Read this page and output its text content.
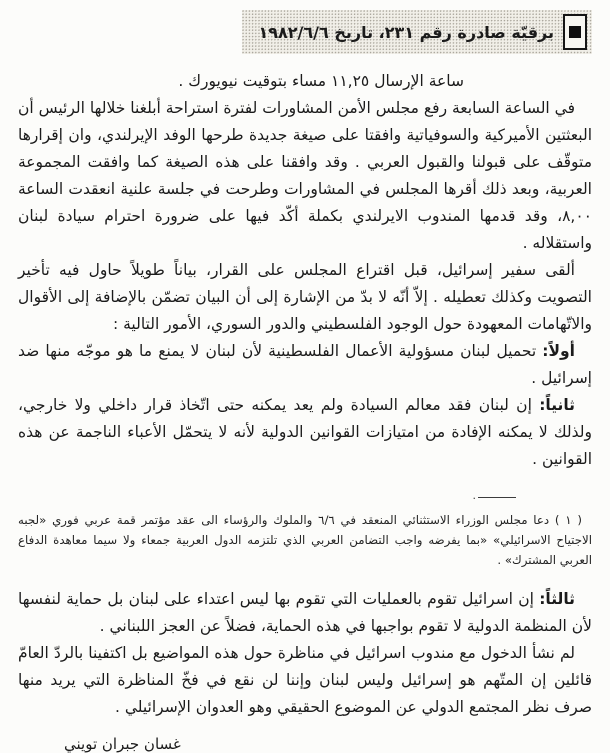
برقيّة صادرة رقم ٢٣١، تاريخ ١٩٨٢/٦/٦

ساعة الإرسال ١١,٢٥ مساء بتوقيت نيويورك .

في الساعة السابعة رفع مجلس الأمن المشاورات لفترة استراحة أبلغنا خلالها الرئيس أن البعثتين الأميركية والسوفياتية وافقتا على صيغة جديدة طرحها الوفد الإيرلندي، وان إقرارها متوقّف على قبولنا والقبول العربي . وقد وافقنا على هذه الصيغة كما وافقت المجموعة العربية، وبعد ذلك أقرها المجلس في المشاورات وطرحت في جلسة علنية انعقدت الساعة ٨,٠٠، وقد قدمها المندوب الايرلندي بكملة أكّد فيها على ضرورة احترام سيادة لبنان واستقلاله .

ألقى سفير إسرائيل، قبل اقتراع المجلس على القرار، بياناً طويلاً حاول فيه تأخير التصويت وكذلك تعطيله . إلاّ أنّه لا بدّ من الإشارة إلى أن البيان تضمّن بالإضافة إلى الأقوال والاتّهامات المعهودة حول الوجود الفلسطيني والدور السوري، الأمور التالية :

أولاً: تحميل لبنان مسؤولية الأعمال الفلسطينية لأن لبنان لا يمنع ما هو موجّه منها ضد إسرائيل .

ثانياً: إن لبنان فقد معالم السيادة ولم يعد يمكنه حتى اتّخاذ قرار داخلي ولا خارجي، ولذلك لا يمكنه الإفادة من امتيازات القوانين الدولية لأنه لا يتحمّل الأعباء الناجمة عن هذه القوانين .

.

( ١ ) دعا مجلس الوزراء الاستثنائي المنعقد في ٦/٦ والملوك والرؤساء الى عقد مؤتمر قمة عربي فوري «لجبه الاجتياح الاسرائيلي» «بما يفرضه واجب التضامن العربي الذي تلتزمه الدول العربية جمعاء ولا سيما معاهدة الدفاع العربي المشترك» .

ثالثاً: إن اسرائيل تقوم بالعمليات التي تقوم بها ليس اعتداء على لبنان بل حماية لنفسها لأن المنظمة الدولية لا تقوم بواجبها في هذه الحماية، فضلاً عن العجز اللبناني .

لم نشأ الدخول مع مندوب اسرائيل في مناظرة حول هذه المواضيع بل اكتفينا بالردّ العامّ قائلين إن المتّهم هو إسرائيل وليس لبنان وإننا لن نقع في فخّ المناظرة التي يريد منها صرف نظر المجتمع الدولي عن الموضوع الحقيقي وهو العدوان الإسرائيلي .

غسان جبران تويني
